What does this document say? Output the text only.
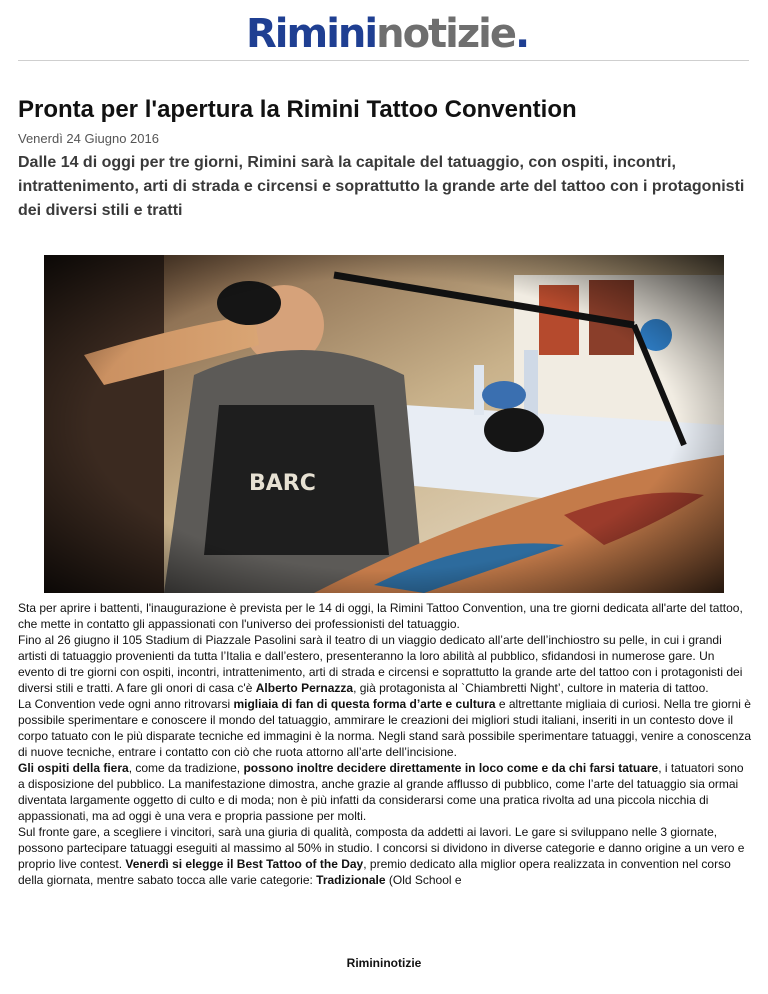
Rimininotizie.
Pronta per l'apertura la Rimini Tattoo Convention
Venerdì 24 Giugno 2016

Dalle 14 di oggi per tre giorni, Rimini sarà la capitale del tatuaggio, con ospiti, incontri, intrattenimento, arti di strada e circensi e soprattutto la grande arte del tattoo con i protagonisti dei diversi stili e tratti

Sta per aprire i battenti, l'inaugurazione è prevista per le 14 di oggi, la Rimini Tattoo Convention, una tre giorni dedicata all'arte del tattoo, che mette in contatto gli appassionati con l'universo dei professionisti del tatuaggio.

Fino al 26 giugno il 105 Stadium di Piazzale Pasolini sarà il teatro di un viaggio dedicato all’arte dell’inchiostro su pelle, in cui i grandi artisti di tatuaggio provenienti da tutta l’Italia e dall’estero, presenteranno la loro abilità al pubblico, sfidandosi in numerose gare. Un evento di tre giorni con ospiti, incontri, intrattenimento, arti di strada e circensi e soprattutto la grande arte del tattoo con i protagonisti dei diversi stili e tratti. A fare gli onori di casa c'è Alberto Pernazza, già protagonista al `Chiambretti Night’, cultore in materia di tattoo.

La Convention vede ogni anno ritrovarsi migliaia di fan di questa forma d’arte e cultura e altrettante migliaia di curiosi. Nella tre giorni è possibile sperimentare e conoscere il mondo del tatuaggio, ammirare le creazioni dei migliori studi italiani, inseriti in un contesto dove il corpo tatuato con le più disparate tecniche ed immagini è la norma. Negli stand sarà possibile sperimentare tatuaggi, venire a conoscenza di nuove tecniche, entrare i contatto con ciò che ruota attorno all’arte dell’incisione.

Gli ospiti della fiera, come da tradizione, possono inoltre decidere direttamente in loco come e da chi farsi tatuare, i tatuatori sono a disposizione del pubblico. La manifestazione dimostra, anche grazie al grande afflusso di pubblico, come l’arte del tatuaggio sia ormai diventata largamente oggetto di culto e di moda; non è più infatti da considerarsi come una pratica rivolta ad una piccola nicchia di appassionati, ma ad oggi è una vera e propria passione per molti.

Sul fronte gare, a scegliere i vincitori, sarà una giuria di qualità, composta da addetti ai lavori. Le gare si sviluppano nelle 3 giornate, possono partecipare tatuaggi eseguiti al massimo al 50% in studio. I concorsi si dividono in diverse categorie e danno origine a un vero e proprio live contest. Venerdì si elegge il Best Tattoo of the Day, premio dedicato alla miglior opera realizzata in convention nel corso della giornata, mentre sabato tocca alle varie categorie: Tradizionale (Old School e

Rimininotizie
